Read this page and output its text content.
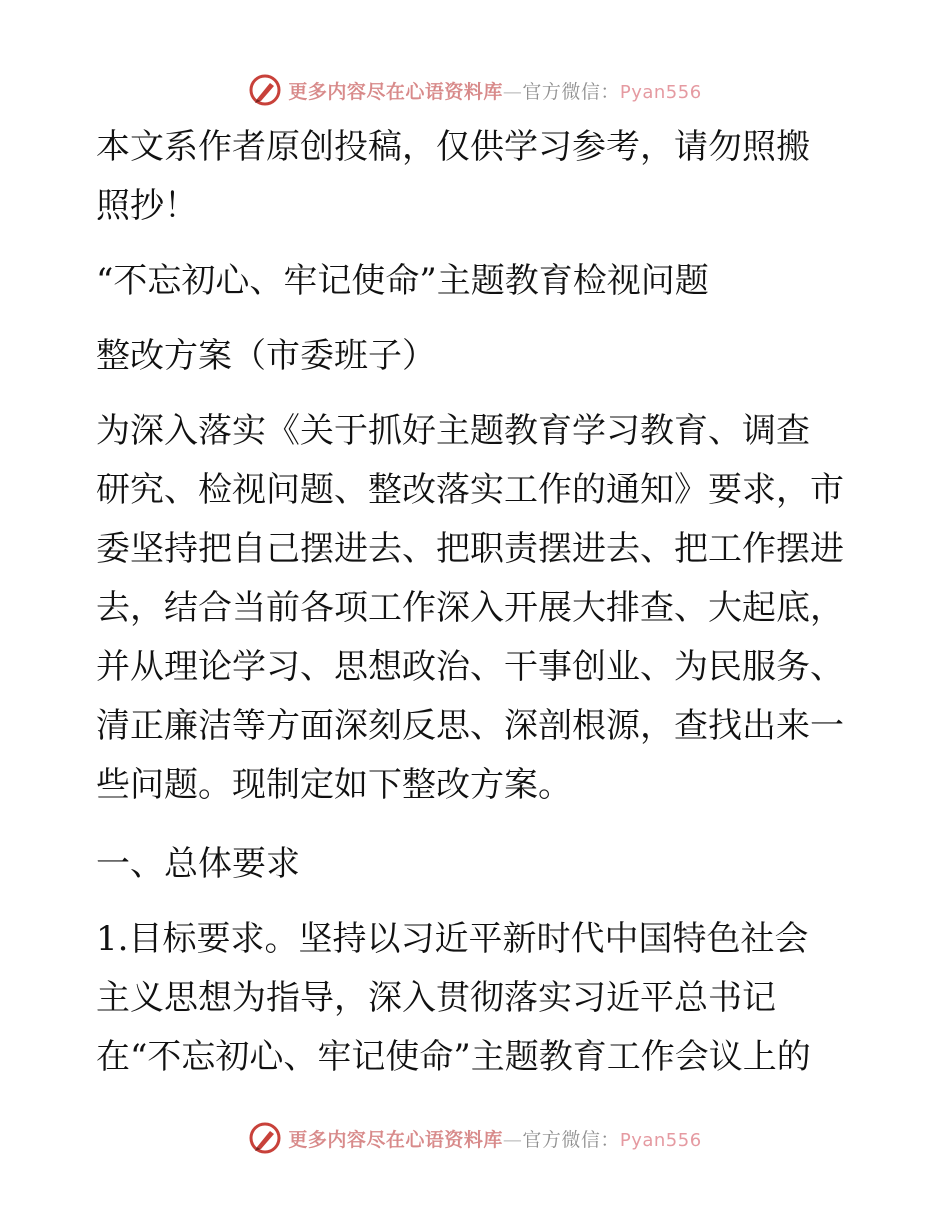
更多内容尽在心语资料库—官方微信：Pyan556

本文系作者原创投稿，仅供学习参考，请勿照搬

照抄！

“不忘初心、牢记使命”主题教育检视问题

整改方案（市委班子）

为深入落实《关于抓好主题教育学习教育、调查

研究、检视问题、整改落实工作的通知》要求，市

委坚持把自己摆进去、把职责摆进去、把工作摆进

去，结合当前各项工作深入开展大排查、大起底，

并从理论学习、思想政治、干事创业、为民服务、

清正廉洁等方面深刻反思、深剖根源，查找出来一

些问题。现制定如下整改方案。

一、总体要求

1.目标要求。坚持以习近平新时代中国特色社会

主义思想为指导，深入贯彻落实习近平总书记

在“不忘初心、牢记使命”主题教育工作会议上的

更多内容尽在心语资料库—官方微信：Pyan556
